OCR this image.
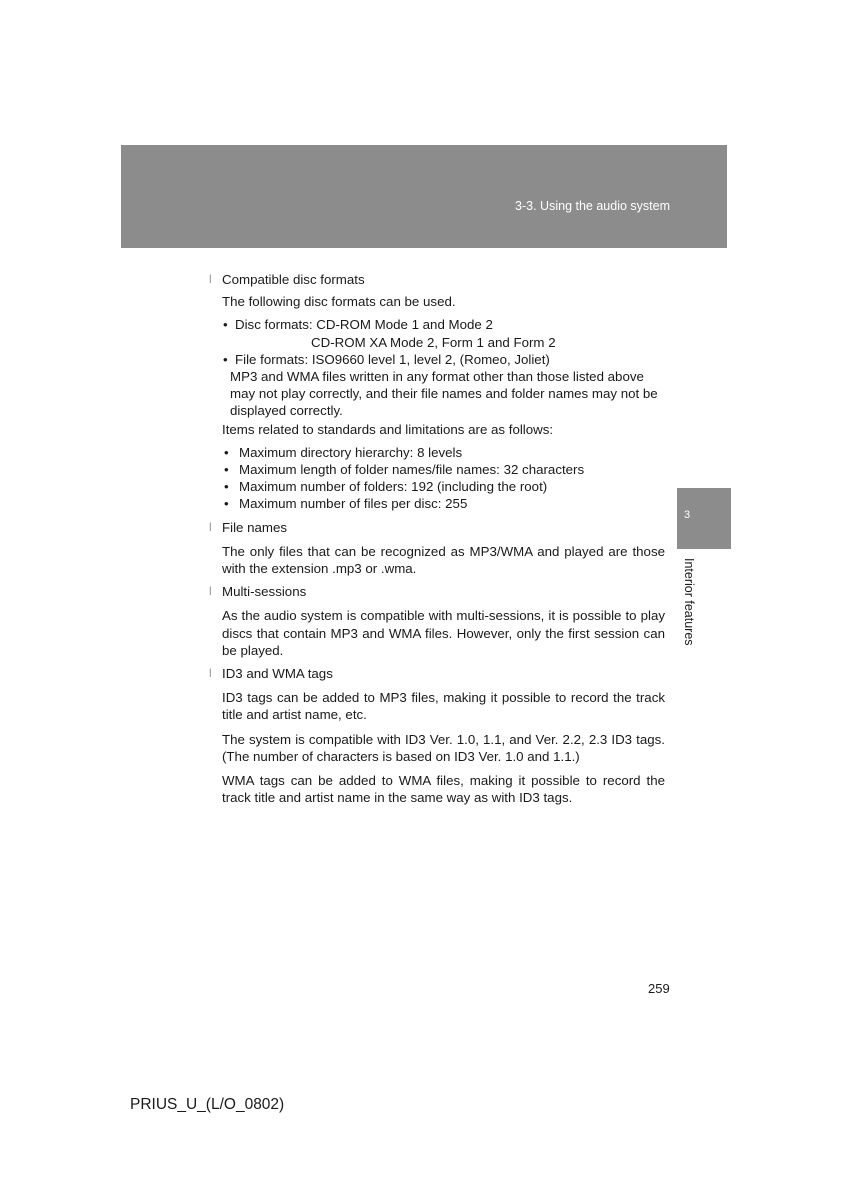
3-3. Using the audio system
3
Interior features
l Compatible disc formats
The following disc formats can be used.
• Disc formats: CD-ROM Mode 1 and Mode 2
CD-ROM XA Mode 2, Form 1 and Form 2
• File formats: ISO9660 level 1, level 2, (Romeo, Joliet)
MP3 and WMA files written in any format other than those listed above
may not play correctly, and their file names and folder names may not be
displayed correctly.
Items related to standards and limitations are as follows:
• Maximum directory hierarchy: 8 levels
• Maximum length of folder names/file names: 32 characters
• Maximum number of folders: 192 (including the root)
• Maximum number of files per disc: 255
l File names
The only files that can be recognized as MP3/WMA and played are those with the extension .mp3 or .wma.
l Multi-sessions
As the audio system is compatible with multi-sessions, it is possible to play discs that contain MP3 and WMA files. However, only the first session can be played.
l ID3 and WMA tags
ID3 tags can be added to MP3 files, making it possible to record the track title and artist name, etc.
The system is compatible with ID3 Ver. 1.0, 1.1, and Ver. 2.2, 2.3 ID3 tags. (The number of characters is based on ID3 Ver. 1.0 and 1.1.)
WMA tags can be added to WMA files, making it possible to record the track title and artist name in the same way as with ID3 tags.
259
PRIUS_U_(L/O_0802)
